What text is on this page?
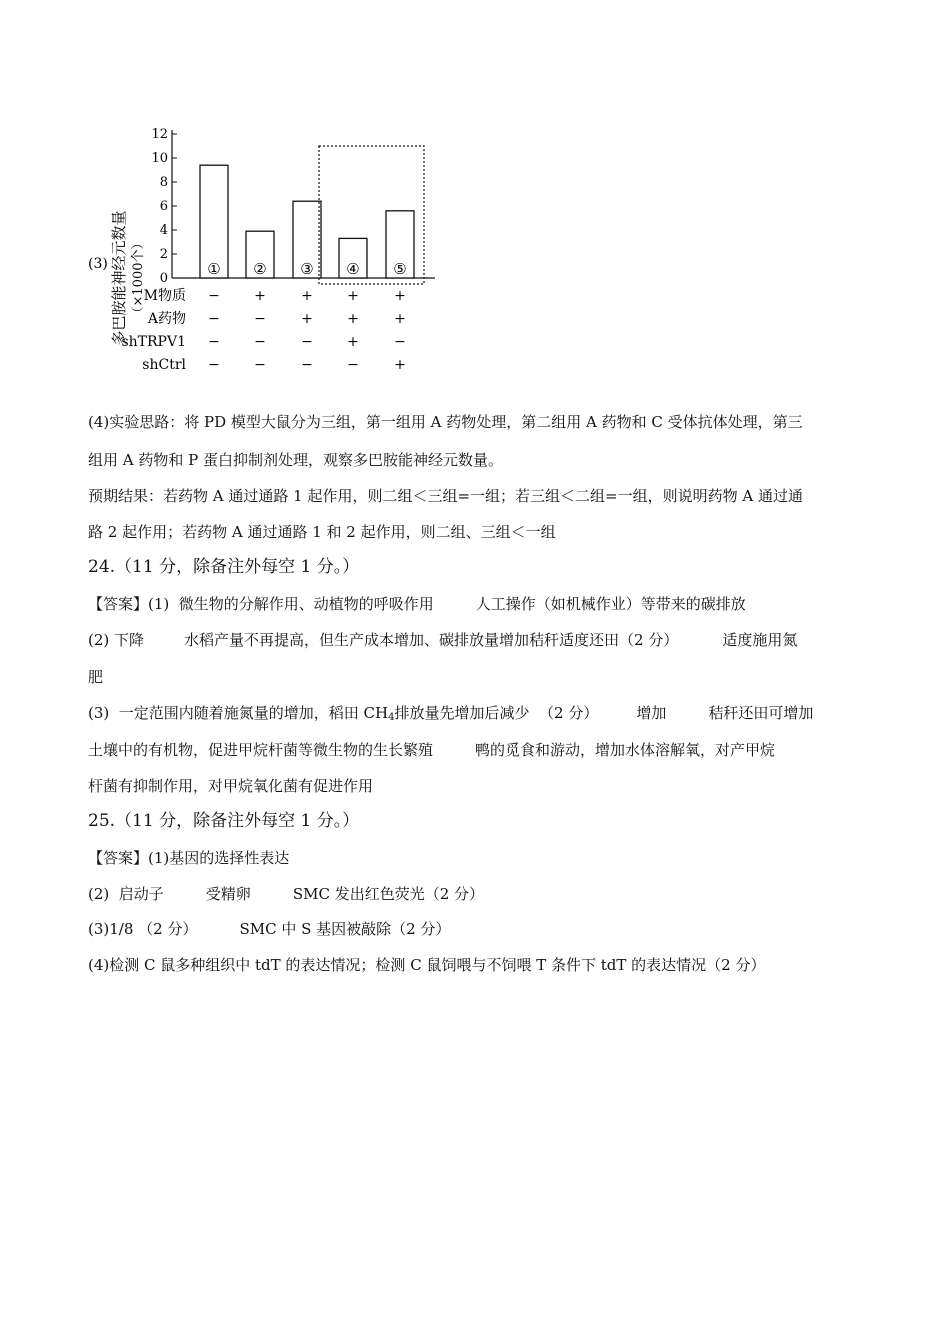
(3) 多巴胺能神经元数量 （×1000个） 0
2
4
6
8
10
12
① ② ③ ④ ⑤
M物质 − +	+ +	+
A药物 − −	+ +	+
shTRPV1 − −	− +	−
shCtrl − −	− −	+
(4)实验思路：将 PD 模型大鼠分为三组，第一组用 A 药物处理，第二组用 A 药物和 C 受体抗体处理，第三
组用 A 药物和 P 蛋白抑制剂处理，观察多巴胺能神经元数量。
预期结果：若药物 A 通过通路 1 起作用，则二组＜三组=一组；若三组＜二组=一组，则说明药物 A 通过通
路 2 起作用；若药物 A 通过通路 1 和 2 起作用，则二组、三组＜一组
24.（11 分，除备注外每空 1 分。）
【答案】(1)  微生物的分解作用、动植物的呼吸作用	人工操作（如机械作业）等带来的碳排放
(2) 下降	水稻产量不再提高，但生产成本增加、碳排放量增加秸秆适度还田（2 分）	适度施用氮
肥
(3)  一定范围内随着施氮量的增加，稻田 $CH_4$排放量先增加后减少  （2 分）	增加	秸秆还田可增加
土壤中的有机物，促进甲烷杆菌等微生物的生长繁殖	鸭的觅食和游动，增加水体溶解氧，对产甲烷
杆菌有抑制作用，对甲烷氧化菌有促进作用
25.（11 分，除备注外每空 1 分。）
【答案】(1)基因的选择性表达
(2)  启动子	受精卵	SMC 发出红色荧光（2 分）
(3)1/8 （2 分）	SMC 中 S 基因被敲除（2 分）
(4)检测 C 鼠多种组织中 tdT 的表达情况；检测 C 鼠饲喂与不饲喂 T 条件下 tdT 的表达情况（2 分）
